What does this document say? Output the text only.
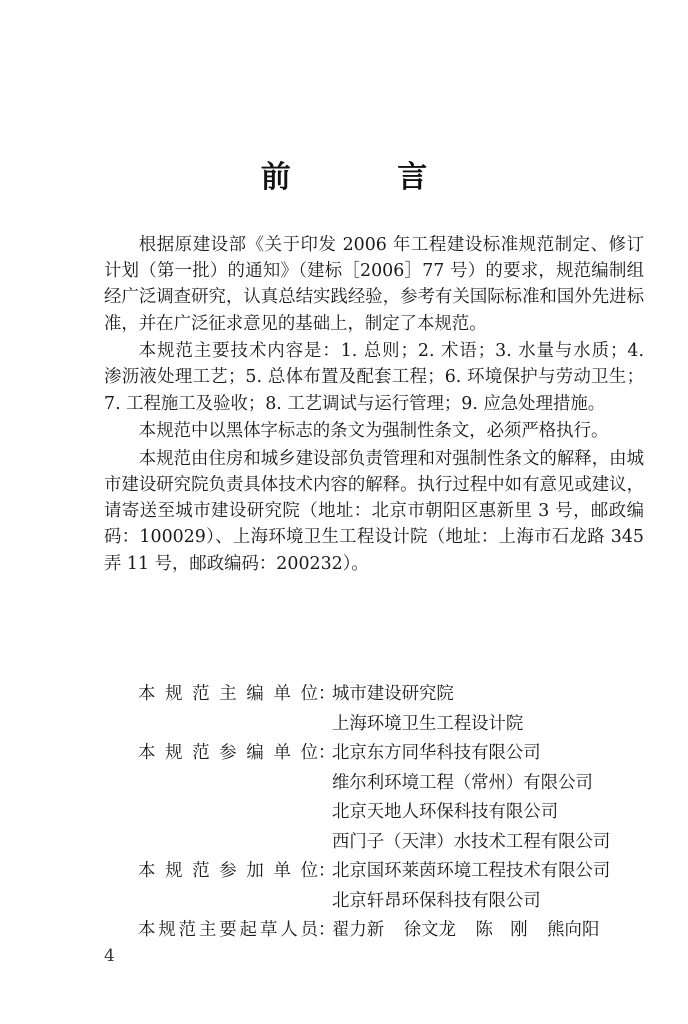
前 言

根据原建设部《关于印发 2006 年工程建设标准规范制定、修订计划（第一批）的通知》（建标［2006］77 号）的要求，规范编制组经广泛调查研究，认真总结实践经验，参考有关国际标准和国外先进标准，并在广泛征求意见的基础上，制定了本规范。

本规范主要技术内容是：1. 总则；2. 术语；3. 水量与水质；4. 渗沥液处理工艺；5. 总体布置及配套工程；6. 环境保护与劳动卫生；7. 工程施工及验收；8. 工艺调试与运行管理；9. 应急处理措施。

本规范中以黑体字标志的条文为强制性条文，必须严格执行。

本规范由住房和城乡建设部负责管理和对强制性条文的解释，由城市建设研究院负责具体技术内容的解释。执行过程中如有意见或建议，请寄送至城市建设研究院（地址：北京市朝阳区惠新里 3 号，邮政编码：100029）、上海环境卫生工程设计院（地址：上海市石龙路 345 弄 11 号，邮政编码：200232）。

本规范主编单位 ：
城市建设研究院
上海环境卫生工程设计院
本规范参编单位 ：
北京东方同华科技有限公司
维尔利环境工程（常州）有限公司
北京天地人环保科技有限公司
西门子（天津）水技术工程有限公司
本规范参加单位 ：
北京国环莱茵环境工程技术有限公司
北京轩昂环保科技有限公司
本规范主要起草人员 ：
翟力新 徐文龙 陈　刚 熊向阳
4
